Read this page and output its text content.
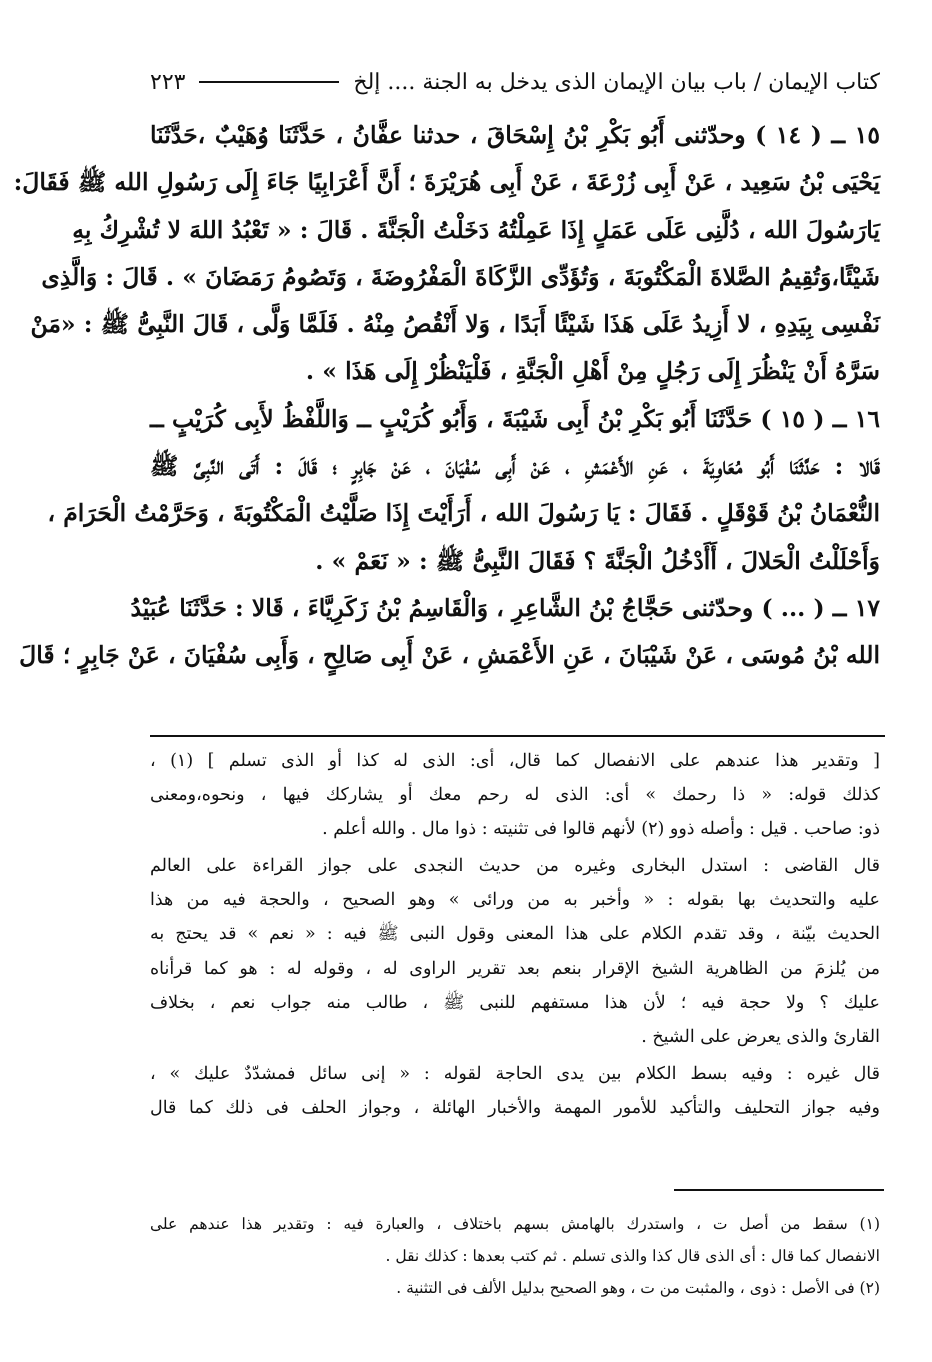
كتاب الإيمان / باب بيان الإيمان الذى يدخل به الجنة .... إلخ
٢٢٣
١٥ ــ ( ١٤ ) وحدّثنى أَبُو بَكْرِ بْنُ إِسْحَاقَ ، حدثنا عفَّانُ ، حَدَّثَنَا وُهَيْبٌ ،حَدَّثَنَا
يَحْيَى بْنُ سَعِيد ، عَنْ أَبِى زُرْعَةَ ، عَنْ أَبِى هُرَيْرَةَ ؛ أَنَّ أَعْرَابِيًا جَاءَ إِلَى رَسُولِ الله ﷺ فَقَالَ:
يَارَسُولَ الله ، دُلَّنِى عَلَى عَمَلٍ إِذَا عَمِلْتُهُ دَخَلْتُ الْجَنَّةَ . قَالَ : « تَعْبُدُ اللهَ لا تُشْرِكُ بِهِ
شَيْئًا،وَتُقِيمُ الصَّلاةَ الْمَكْتُوبَةَ ، وَتُؤَدِّى الزَّكَاةَ الْمَفْرُوضَةَ ، وَتَصُومُ رَمَضَانَ » . قَالَ : وَالَّذِى
نَفْسِى بِيَدِهِ ، لا أَزِيدُ عَلَى هَذَا شَيْئًا أَبَدًا ، وَلا أَنْقُصُ مِنْهُ . فَلَمَّا وَلَّى ، قَالَ النَّبِىُّ ﷺ : «مَنْ
سَرَّهُ أَنْ يَنْظُرَ إِلَى رَجُلٍ مِنْ أَهْلِ الْجَنَّةِ ، فَلْيَنْظُرْ إِلَى هَذَا » .
١٦ ــ ( ١٥ ) حَدَّثَنَا أَبُو بَكْرِ بْنُ أَبِى شَيْبَةَ ، وَأَبُو كُرَيْبٍ ــ وَاللَّفْظُ لأَبِى كُرَيْبٍ ــ
قَالا : حَدَّثَنَا أَبُو مُعَاوِيَةَ ، عَنِ الأَعْمَشِ ، عَنْ أَبِى سُفْيَانَ ، عَنْ جَابِرٍ ؛ قَالَ : أَتَى النَّبِىَّ ﷺ
النُّعْمَانُ بْنُ قَوْقَلٍ . فَقَالَ : يَا رَسُولَ الله ، أَرَأَيْتَ إِذَا صَلَّيْتُ الْمَكْتُوبَةَ ، وَحَرَّمْتُ الْحَرَامَ ،
وَأَحْلَلْتُ الْحَلالَ ، أَأَدْخُلُ الْجَنَّةَ ؟ فَقَالَ النَّبِىُّ ﷺ : « نَعَمْ » .
١٧ ــ ( ... ) وحدّثنى حَجَّاجُ بْنُ الشَّاعِرِ ، وَالْقَاسِمُ بْنُ زَكَرِيَّاءَ ، قَالا : حَدَّثَنَا عُبَيْدُ
الله بْنُ مُوسَى ، عَنْ شَيْبَانَ ، عَنِ الأَعْمَشِ ، عَنْ أَبِى صَالِحٍ ، وَأَبِى سُفْيَانَ ، عَنْ جَابِرٍ ؛ قَالَ
[ وتقدير هذا عندهم على الانفصال كما قال، أى: الذى له كذا أو الذى تسلم ] (١) ،
كذلك قوله: « ذا رحمك » أى: الذى له رحم معك أو يشاركك فيها ، ونحوه،ومعنى
ذو: صاحب . قيل : وأصله ذوو (٢) لأنهم قالوا فى تثنيته : ذوا مال . والله أعلم .
قال القاضى : استدل البخارى وغيره من حديث النجدى على جواز القراءة على العالم
عليه والتحديث بها بقوله : « وأخبر به من ورائى » وهو الصحيح ، والحجة فيه من هذا
الحديث بيّنة ، وقد تقدم الكلام على هذا المعنى وقول النبى ﷺ فيه : « نعم » قد يحتج به
من يُلزمَ من الظاهرية الشيخ الإقرار بنعم بعد تقرير الراوى له ، وقوله له : هو كما قرأناه
عليك ؟ ولا حجة فيه ؛ لأن هذا مستفهم للنبى ﷺ ، طالب منه جواب نعم ، بخلاف
القارئ والذى يعرض على الشيخ .
قال غيره : وفيه بسط الكلام بين يدى الحاجة لقوله : « إنى سائل فمشدّدٌ عليك » ،
وفيه جواز التحليف والتأكيد للأمور المهمة والأخبار الهائلة ، وجواز الحلف فى ذلك كما قال
(١) سقط من أصل ت ، واستدرك بالهامش بسهم باختلاف ، والعبارة فيه : وتقدير هذا عندهم على
الانفصال كما قال : أى الذى قال كذا والذى تسلم . ثم كتب بعدها : كذلك نقل .
(٢) فى الأصل : ذوى ، والمثبت من ت ، وهو الصحيح بدليل الألف فى التثنية .
